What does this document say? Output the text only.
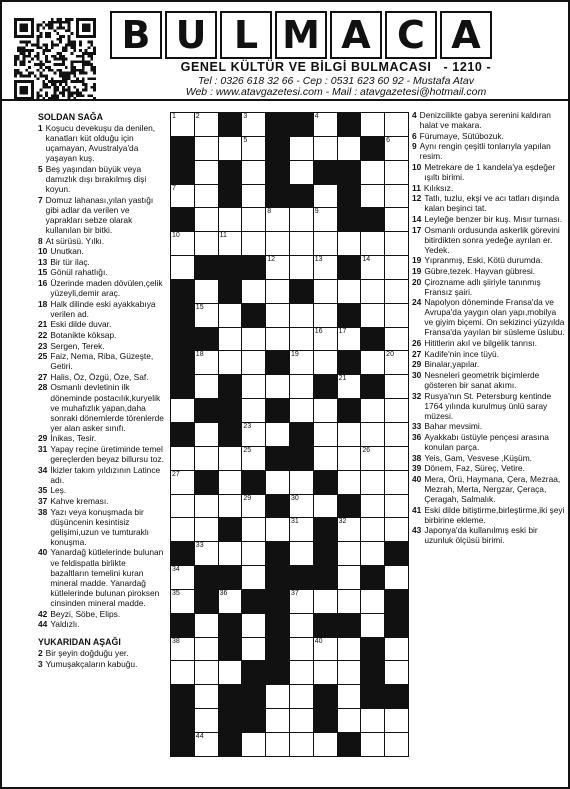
B U L M A C A
GENEL KÜLTÜR VE BİLGİ BULMACASI - 1210 -
Tel : 0326 618 32 66 - Cep : 0531 623 60 92 - Mustafa Atav
Web : www.atavgazetesi.com - Mail : atavgazetesi@hotmail.com
SOLDAN SAĞA
1 Koşucu devekuşu da denilen, kanatları küt olduğu için uçamayan, Avustralya'da yaşayan kuş.
5 Beş yaşından büyük veya damızlık dışı bırakılmış dişi koyun.
7 Domuz lahanası,yılan yastığı gibi adlar da verilen ve yaprakları sebze olarak kullanılan bir bitki.
8 At sürüsü. Yılkı.
10 Unutkan.
13 Bir tür ilaç.
15 Gönül rahatlığı.
16 Üzerinde maden dövülen,çelik yüzeyli,demir araç.
18 Halk dilinde eski ayakkabıya verilen ad.
21 Eski dilde duvar.
22 Botanikte köksap.
23 Sergen, Terek.
25 Faiz, Nema, Riba, Güzeşte, Getiri.
27 Halis, Öz, Özgü, Öze, Saf.
28 Osmanlı devletinin ilk döneminde postacılık,kuryelik ve muhafızlık yapan,daha sonraki dönemlerde törenlerde yer alan asker sınıfı.
29 İnikas, Tesir.
31 Yapay reçine üretiminde temel gereçlerden beyaz billursu toz.
34 İkizler takım yıldızının Latince adı.
35 Leş.
37 Kahve kreması.
38 Yazı veya konuşmada bir düşüncenin kesintisiz gelişimi,uzun ve tumturaklı konuşma.
40 Yanardağ kütlelerinde bulunan ve feldispatla birlikte bazaltların temelini kuran mineral madde. Yanardağ kütlelerinde bulunan piroksen cinsinden mineral madde.
42 Beyzi, Söbe, Elips.
44 Yaldızlı.
YUKARIDAN AŞAĞI
2 Bir şeyin doğduğu yer.
3 Yumuşakçaların kabuğu.
1	2		3			4			

			5						6

7									

				8		9			

10		11							

				12		13		14	

	15								

						16	17		

	18				19				20

							21		

			23						

			25					26	

27									

			29		30				

					31		32		

	33								

34									

35		36			37				

38						40			

	44								

4 Denizcilikte gabya serenini kaldıran halat ve makara.
6 Fürumaye, Sütübozuk.
9 Aynı rengin çeşitli tonlarıyla yapılan resim.
10 Metrekare de 1 kandela'ya eşdeğer ışıltı birimi.
11 Kılıksız.
12 Tatlı, tuzlu, ekşi ve acı tatları dışında kalan beşinci tat.
14 Leyleğe benzer bir kuş. Mısır turnası.
17 Osmanlı ordusunda askerlik görevini bitirdikten sonra yedeğe ayrılan er. Yedek.
19 Yıpranmış, Eski, Kötü durumda.
19 Gübre,tezek. Hayvan gübresi.
20 Çirozname adlı şiiriyle tanınmış Fransız şairi.
24 Napolyon döneminde Fransa'da ve Avrupa'da yaygın olan yapı,mobilya ve giyim biçemi. On sekizinci yüzyılda Fransa'da yayılan bir süsleme üslubu.
26 Hititlerin akıl ve bilgelik tanrısı.
27 Kadife'nin ince tüyü.
29 Binalar,yapılar.
30 Nesneleri geometrik biçimlerde gösteren bir sanat akımı.
32 Rusya'nın St. Petersburg kentinde 1764 yılında kurulmuş ünlü saray müzesi.
33 Bahar mevsimi.
36 Ayakkabı üstüyle pençesi arasına konulan parça.
38 Yeis, Gam, Vesvese ,Küşüm.
39 Dönem, Faz, Süreç, Vetire.
40 Mera, Örü, Haymana, Çera, Mezraa, Mezrah, Merta, Nergzar, Çeraça, Çeragah, Salmalık.
41 Eski dilde bitiştirme,birleştirme,iki şeyi birbirine ekleme.
43 Japonya'da kullanılmış eski bir uzunluk ölçüsü birimi.
